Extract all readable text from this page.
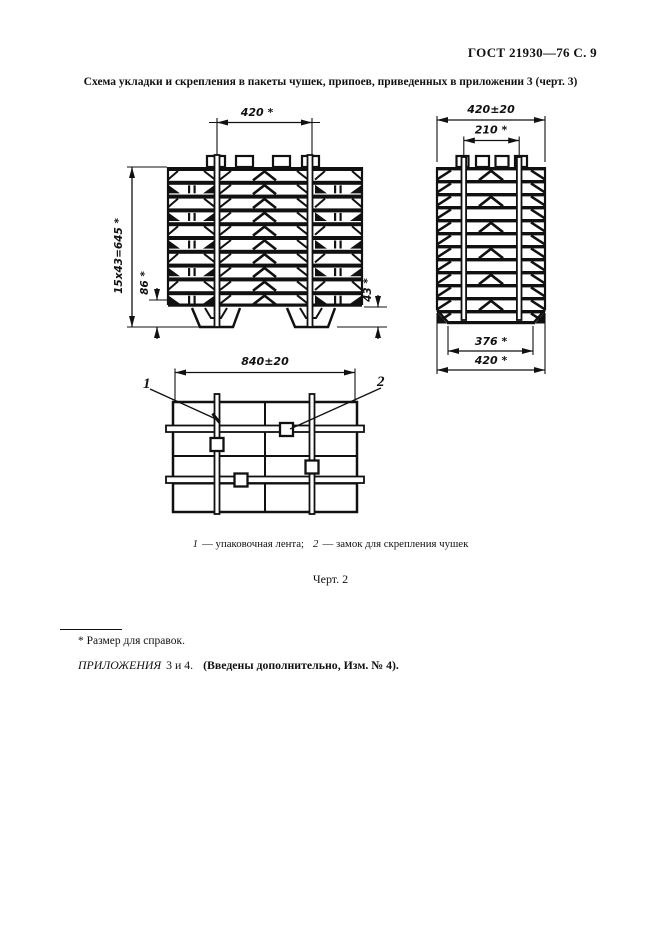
ГОСТ 21930—76 С. 9
Схема укладки и скрепления в пакеты чушек, припоев, приведенных в приложении 3 (черт. 3)
420 *
15x43=645 * 86 *	43 *
420±20
210 *
376 *
420 *
840±20
1	2
1 — упаковочная лента; 2 — замок для скрепления чушек
Черт. 2
* Размер для справок.
ПРИЛОЖЕНИЯ 3 и 4. (Введены дополнительно, Изм. № 4).
